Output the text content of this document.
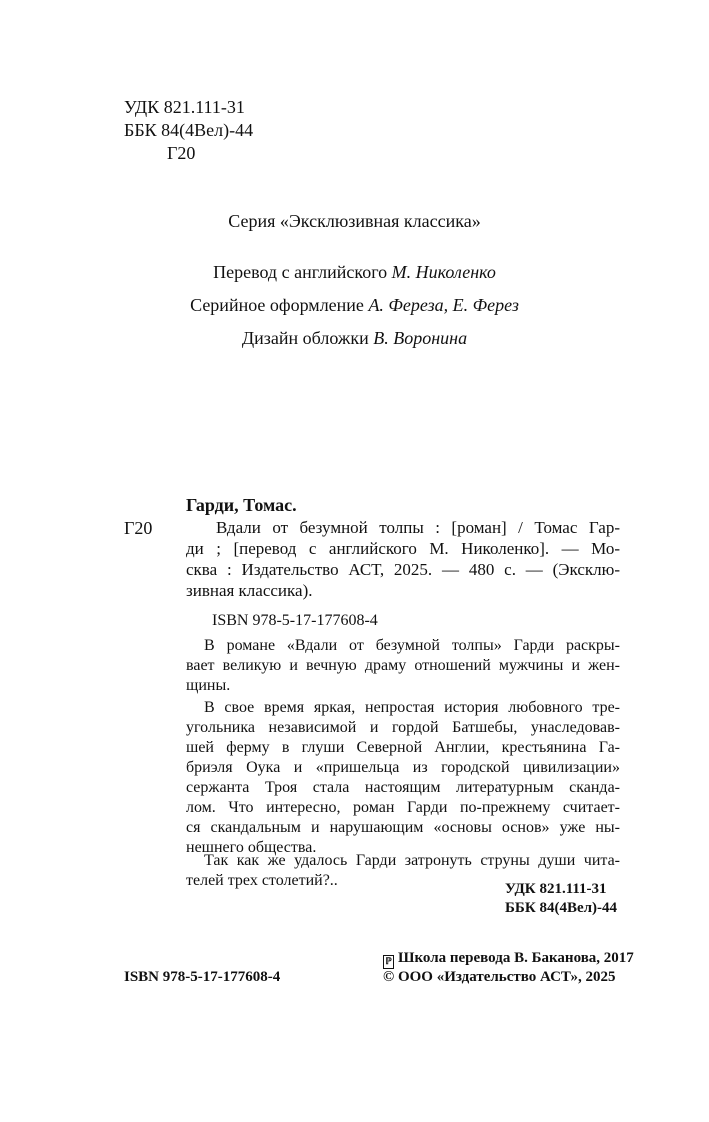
УДК 821.111-31
ББК 84(4Вел)-44
Г20
Серия «Эксклюзивная классика»
Перевод с английского М. Николенко
Серийное оформление А. Фереза, Е. Ферез
Дизайн обложки В. Воронина
Гарди, Томас.
Г20	Вдали от безумной толпы : [роман] / Томас Гар-
ди ; [перевод с английского М. Николенко]. — Мо-
сква : Издательство АСТ, 2025. — 480 с. — (Эксклю-
зивная классика).
ISBN 978-5-17-177608-4
В романе «Вдали от безумной толпы» Гарди раскры-
вает великую и вечную драму отношений мужчины и жен-
щины.
В свое время яркая, непростая история любовного тре-
угольника независимой и гордой Батшебы, унаследовав-
шей ферму в глуши Северной Англии, крестьянина Га-
бриэля Оука и «пришельца из городской цивилизации»
сержанта Троя стала настоящим литературным сканда-
лом. Что интересно, роман Гарди по-прежнему считает-
ся скандальным и нарушающим «основы основ» уже ны-
нешнего общества.
Так как же удалось Гарди затронуть струны души чита-
телей трех столетий?..	УДК 821.111-31
ББК 84(4Вел)-44
ISBN 978-5-17-177608-4
ℙ Школа перевода В. Баканова, 2017
© ООО «Издательство АСТ», 2025
